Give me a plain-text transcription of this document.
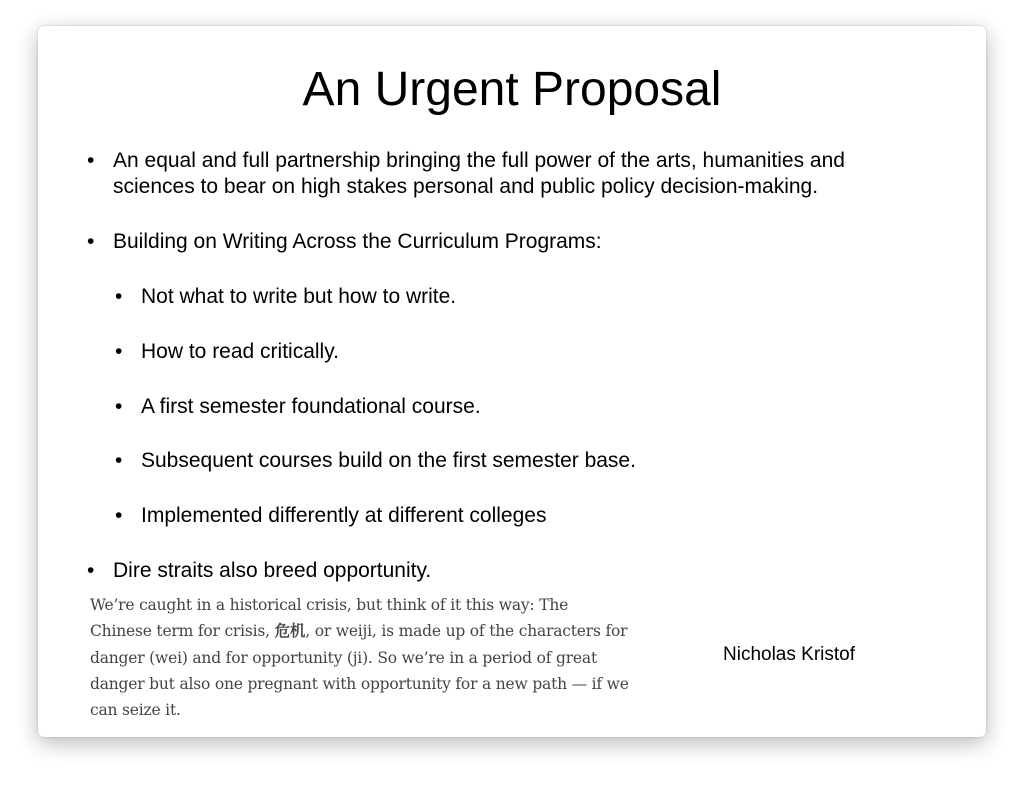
An Urgent Proposal
• An equal and full partnership bringing the full power of the arts, humanities and
sciences to bear on high stakes personal and public policy decision-making.
• Building on Writing Across the Curriculum Programs:
• Not what to write but how to write.
• How to read critically.
• A first semester foundational course.
• Subsequent courses build on the first semester base.
• Implemented differently at different colleges
• Dire straits also breed opportunity.
We’re caught in a historical crisis, but think of it this way: The Chinese term for crisis, 危机, or weiji, is made up of the characters for danger (wei) and for opportunity (ji). So we’re in a period of great danger but also one pregnant with opportunity for a new path — if we can seize it.
Nicholas Kristof
